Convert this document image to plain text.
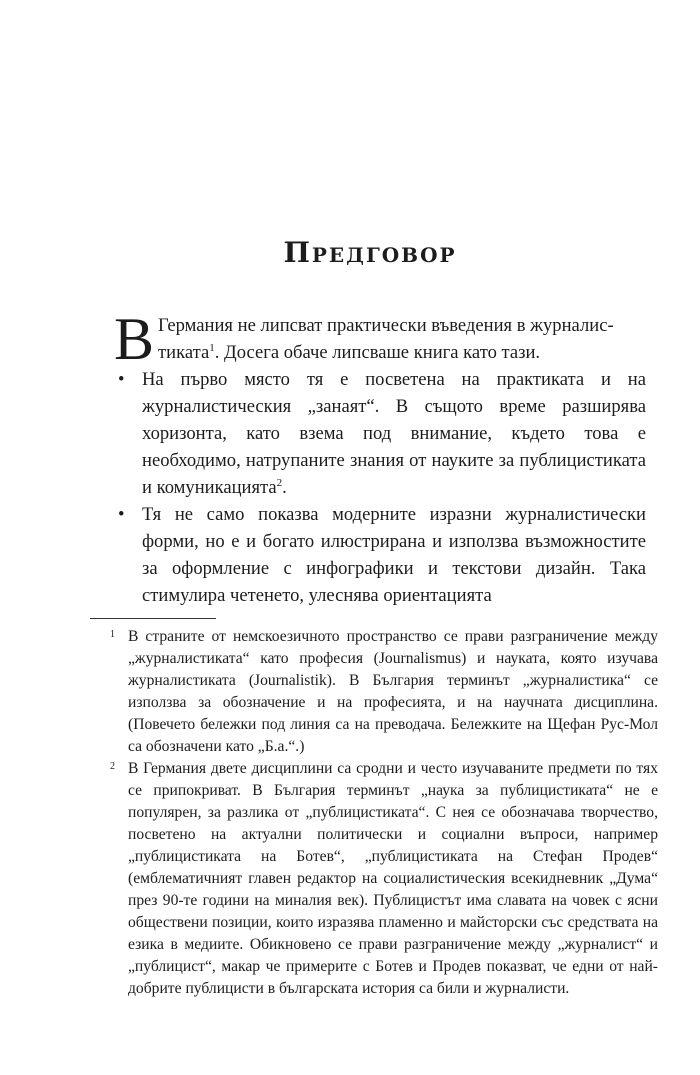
Предговор

В Германия не липсват практически въведения в журналис-
тиката$^1$. Досега обаче липсваше книга като тази.

• На първо място тя е посветена на практиката и на журналистическия „занаят“. В същото време разширява хоризонта, като взема под внимание, където това е необходимо, натрупаните знания от науките за публицистиката и комуникацията$^2$.
• Тя не само показва модерните изразни журналистически форми, но е и богато илюстрирана и използва възможностите за оформление с инфографики и текстови дизайн. Така стимулира четенето, улеснява ориентацията

1 В страните от немскоезичното пространство се прави разграничение между „журналистиката“ като професия (Journalismus) и науката, която изучава журналистиката (Journalistik). В България терминът „журналистика“ се използва за обозначение и на професията, и на научната дисциплина. (Повечето бележки под линия са на преводача. Бележките на Щефан Рус-Мол са обозначени като „Б.а.“.)

2 В Германия двете дисциплини са сродни и често изучаваните предмети по тях се припокриват. В България терминът „наука за публицистиката“ не е популярен, за разлика от „публицистиката“. С нея се обозначава творчество, посветено на актуални политически и социални въпроси, например „публицистиката на Ботев“, „публицистиката на Стефан Продев“ (емблематичният главен редактор на социалистическия всекидневник „Дума“ през 90-те години на миналия век). Публицистът има славата на човек с ясни обществени позиции, които изразява пламенно и майсторски със средствата на езика в медиите. Обикновено се прави разграничение между „журналист“ и „публицист“, макар че примерите с Ботев и Продев показват, че едни от най-добрите публицисти в българската история са били и журналисти.
